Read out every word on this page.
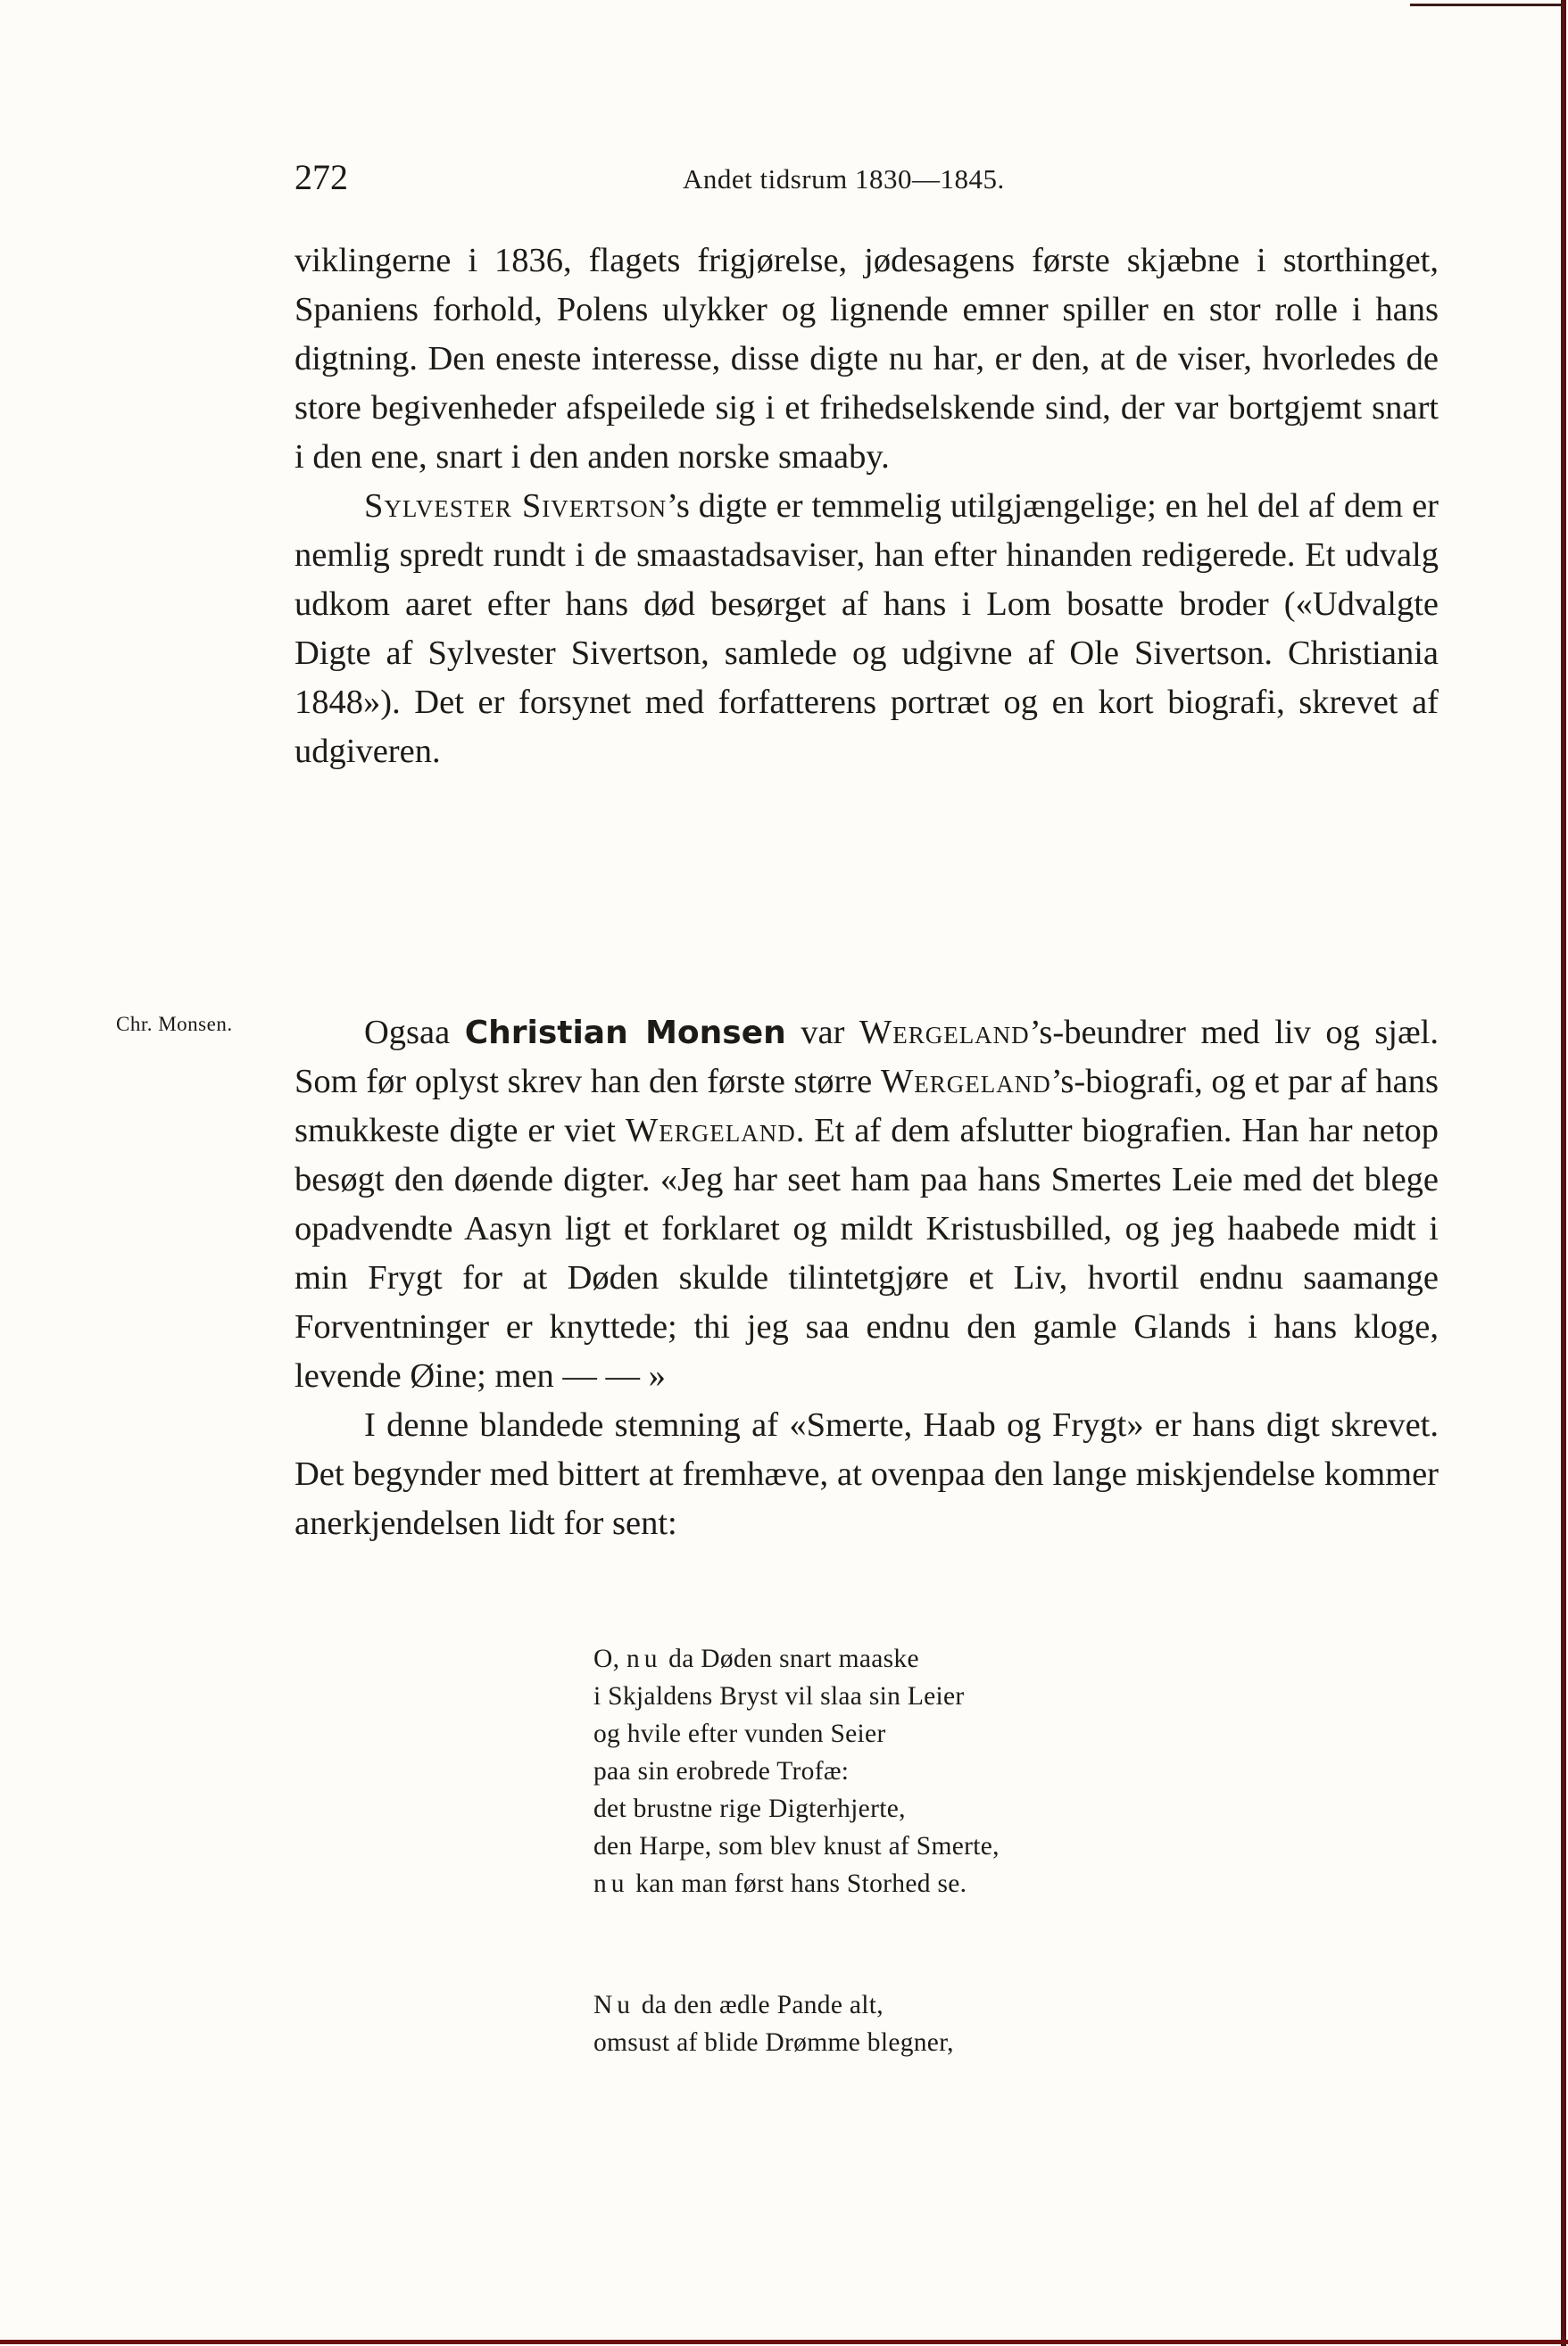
272	Andet tidsrum 1830—1845.
Chr. Monsen.

viklingerne i 1836, flagets frigjørelse, jødesagens første skjæbne i storthinget, Spaniens forhold, Polens ulykker og lignende emner spiller en stor rolle i hans digtning. Den eneste interesse, disse digte nu har, er den, at de viser, hvorledes de store begivenheder afspeilede sig i et frihedselskende sind, der var bortgjemt snart i den ene, snart i den anden norske smaaby.

Sylvester Sivertson’s digte er temmelig utilgjængelige; en hel del af dem er nemlig spredt rundt i de smaastadsaviser, han efter hinanden redigerede. Et udvalg udkom aaret efter hans død besørget af hans i Lom bosatte broder («Udvalgte Digte af Sylvester Sivertson, samlede og udgivne af Ole Sivertson. Christiania 1848»). Det er forsynet med forfatterens portræt og en kort biografi, skrevet af udgiveren.

Ogsaa Christian Monsen var Wergeland’s-beundrer med liv og sjæl. Som før oplyst skrev han den første større Wergeland’s-biografi, og et par af hans smukkeste digte er viet Wergeland. Et af dem afslutter biografien. Han har netop besøgt den døende digter. «Jeg har seet ham paa hans Smertes Leie med det blege opadvendte Aasyn ligt et forklaret og mildt Kristusbilled, og jeg haabede midt i min Frygt for at Døden skulde tilintetgjøre et Liv, hvortil endnu saamange Forventninger er knyttede; thi jeg saa endnu den gamle Glands i hans kloge, levende Øine; men — — »

I denne blandede stemning af «Smerte, Haab og Frygt» er hans digt skrevet. Det begynder med bittert at fremhæve, at ovenpaa den lange miskjendelse kommer anerkjendelsen lidt for sent:

O, nu da Døden snart maaske
i Skjaldens Bryst vil slaa sin Leier
og hvile efter vunden Seier
paa sin erobrede Trofæ:
det brustne rige Digterhjerte,
den Harpe, som blev knust af Smerte,
nu kan man først hans Storhed se.
Nu da den ædle Pande alt,
omsust af blide Drømme blegner,
